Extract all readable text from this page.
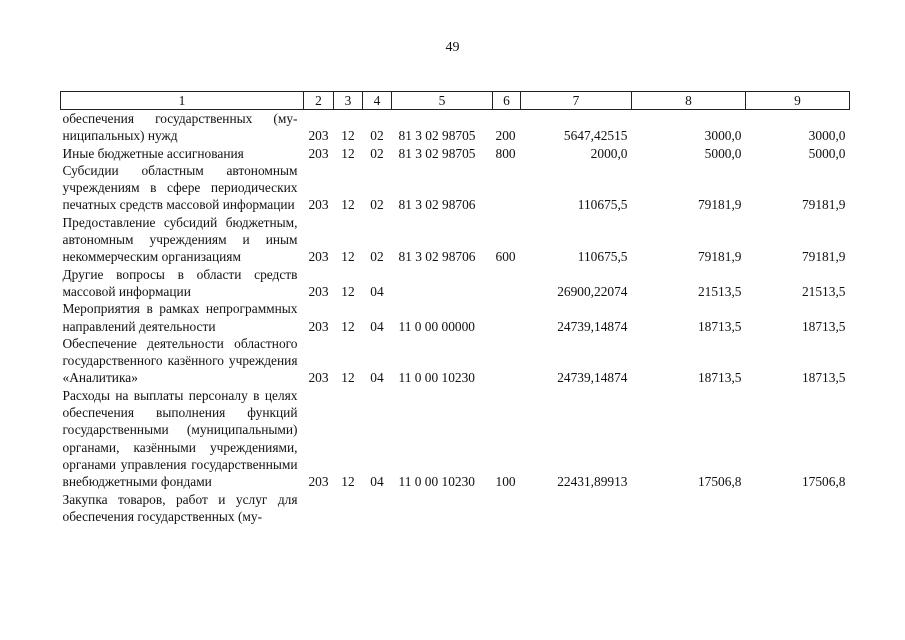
49
1	2	3	4	5	6	7	8	9
обеспечения государственных (муниципальных) нужд	203	12	02	81 3 02 98705	200	5647,42515	3000,0	3000,0
Иные бюджетные ассигнования	203	12	02	81 3 02 98705	800	2000,0	5000,0	5000,0
Субсидии областным автономным учреждениям в сфере периодических печатных средств массовой информации	203	12	02	81 3 02 98706		110675,5	79181,9	79181,9
Предоставление субсидий бюджетным, автономным учреждениям и иным некоммерческим организациям	203	12	02	81 3 02 98706	600	110675,5	79181,9	79181,9
Другие вопросы в области средств массовой информации	203	12	04			26900,22074	21513,5	21513,5
Мероприятия в рамках непрограммных направлений деятельности	203	12	04	11 0 00 00000		24739,14874	18713,5	18713,5
Обеспечение деятельности областного государственного казённого учреждения «Аналитика»	203	12	04	11 0 00 10230		24739,14874	18713,5	18713,5
Расходы на выплаты персоналу в целях обеспечения выполнения функций государственными (муниципальными) органами, казёнными учреждениями, органами управления государственными внебюджетными фондами	203	12	04	11 0 00 10230	100	22431,89913	17506,8	17506,8
Закупка товаров, работ и услуг для обеспечения государственных (му-								
